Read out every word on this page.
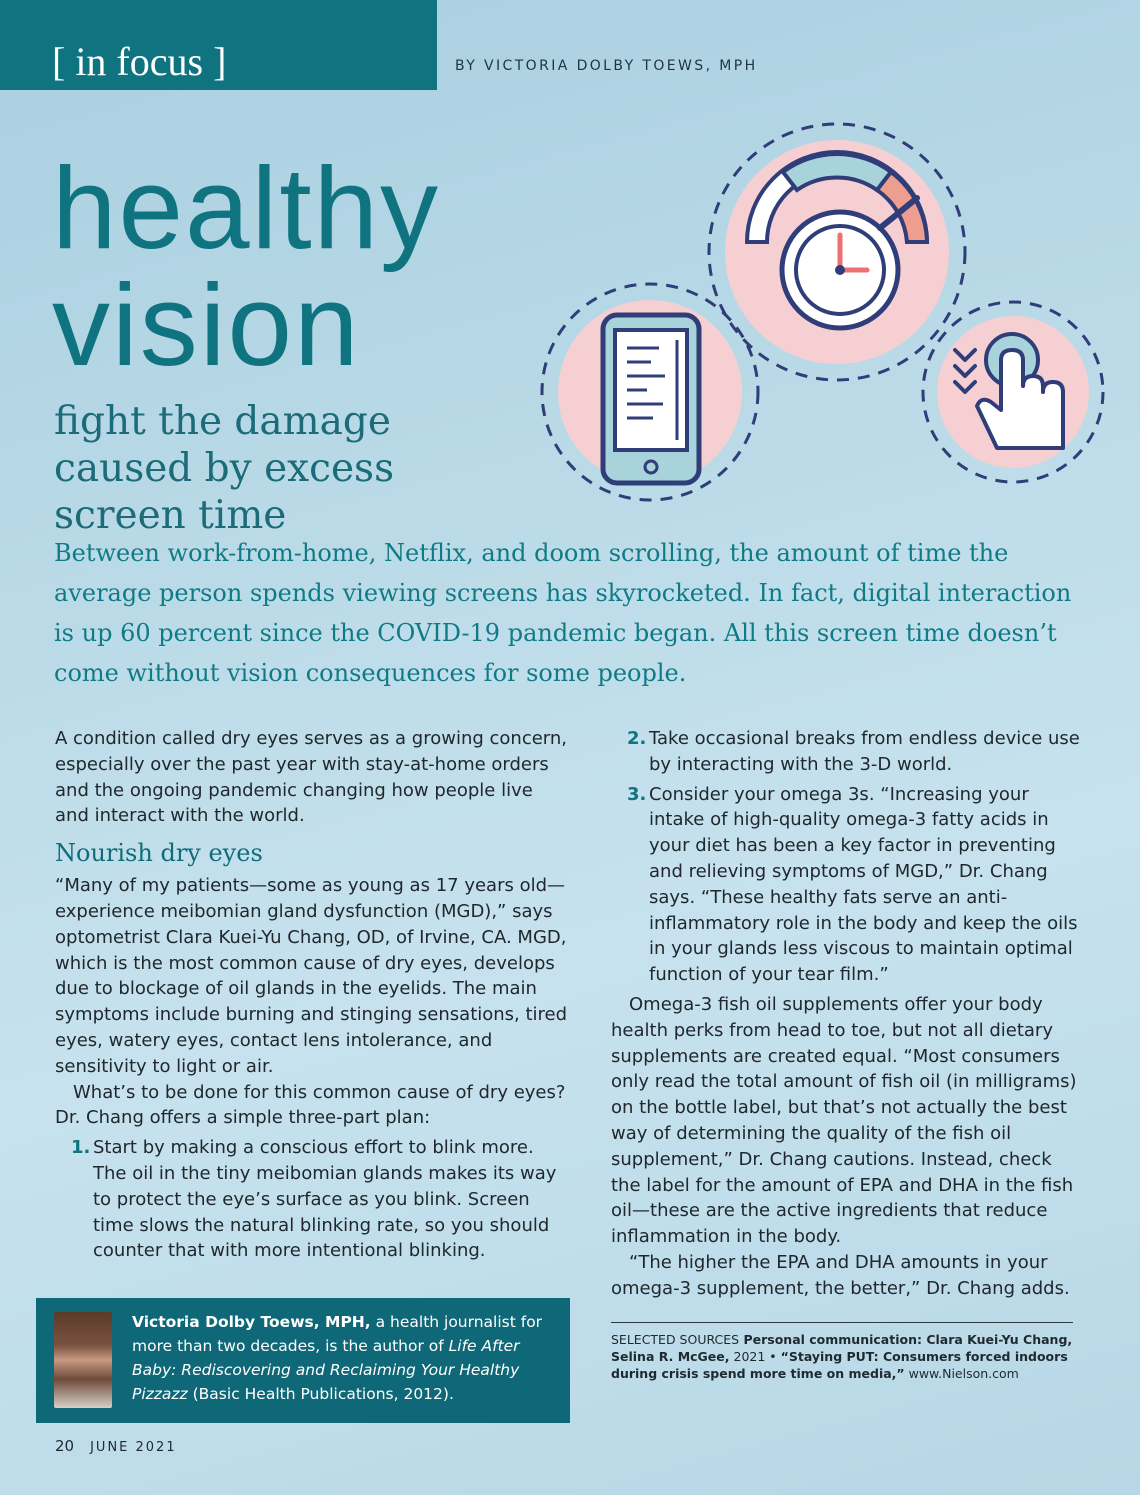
[ in focus ]	BY VICTORIA DOLBY TOEWS, MPH
healthy
vision
fight the damage caused by excess screen time
Between work-from-home, Netflix, and doom scrolling, the amount of time the average person spends viewing screens has skyrocketed. In fact, digital interaction is up 60 percent since the COVID-19 pandemic began. All this screen time doesn’t come without vision consequences for some people.

A condition called dry eyes serves as a growing concern, especially over the past year with stay-at-home orders and the ongoing pandemic changing how people live and interact with the world.

Nourish dry eyes

“Many of my patients—some as young as 17 years old—experience meibomian gland dysfunction (MGD),” says optometrist Clara Kuei-Yu Chang, OD, of Irvine, CA. MGD, which is the most common cause of dry eyes, develops due to blockage of oil glands in the eyelids. The main symptoms include burning and stinging sensations, tired eyes, watery eyes, contact lens intolerance, and sensitivity to light or air.

What’s to be done for this common cause of dry eyes? Dr. Chang offers a simple three-part plan:

1. Start by making a conscious effort to blink more. The oil in the tiny meibomian glands makes its way to protect the eye’s surface as you blink. Screen time slows the natural blinking rate, so you should counter that with more intentional blinking.
2. Take occasional breaks from endless device use by interacting with the 3-D world.
3. Consider your omega 3s. “Increasing your intake of high-quality omega-3 fatty acids in your diet has been a key factor in preventing and relieving symptoms of MGD,” Dr. Chang says. “These healthy fats serve an anti-inflammatory role in the body and keep the oils in your glands less viscous to maintain optimal function of your tear film.”

Omega-3 fish oil supplements offer your body health perks from head to toe, but not all dietary supplements are created equal. “Most consumers only read the total amount of fish oil (in milligrams) on the bottle label, but that’s not actually the best way of determining the quality of the fish oil supplement,” Dr. Chang cautions. Instead, check the label for the amount of EPA and DHA in the fish oil—these are the active ingredients that reduce inflammation in the body.

“The higher the EPA and DHA amounts in your omega-3 supplement, the better,” Dr. Chang adds.

Victoria Dolby Toews, MPH, a health journalist for more than two decades, is the author of Life After Baby: Rediscovering and Reclaiming Your Healthy Pizzazz (Basic Health Publications, 2012).
SELECTED SOURCES Personal communication: Clara Kuei-Yu Chang, Selina R. McGee, 2021 • “Staying PUT: Consumers forced indoors during crisis spend more time on media,” www.Nielson.com
20 JUNE 2021
